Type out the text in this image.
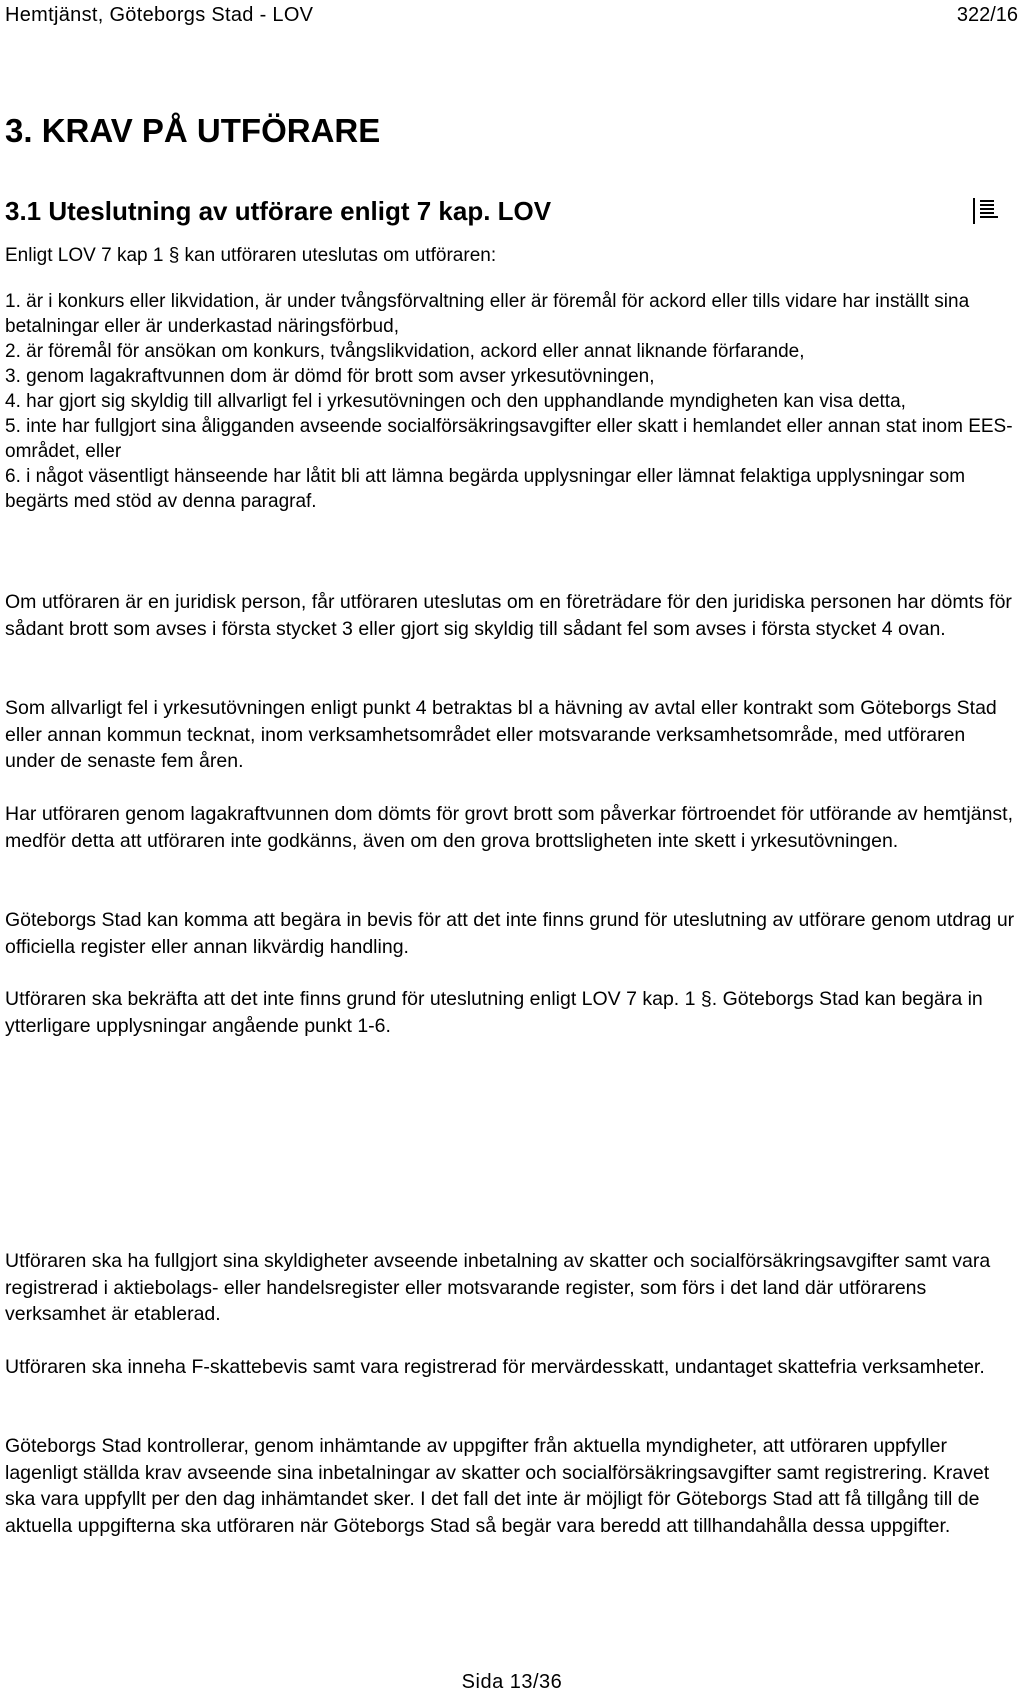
Hemtjänst, Göteborgs Stad - LOV	322/16
3. KRAV PÅ UTFÖRARE
3.1 Uteslutning av utförare enligt 7 kap. LOV
Enligt LOV 7 kap 1 § kan utföraren uteslutas om utföraren:
1. är i konkurs eller likvidation, är under tvångsförvaltning eller är föremål för ackord eller tills vidare har inställt sina betalningar eller är underkastad näringsförbud,
2. är föremål för ansökan om konkurs, tvångslikvidation, ackord eller annat liknande förfarande,
3. genom lagakraftvunnen dom är dömd för brott som avser yrkesutövningen,
4. har gjort sig skyldig till allvarligt fel i yrkesutövningen och den upphandlande myndigheten kan visa detta,
5. inte har fullgjort sina åligganden avseende socialförsäkringsavgifter eller skatt i hemlandet eller annan stat inom EES-området, eller
6. i något väsentligt hänseende har låtit bli att lämna begärda upplysningar eller lämnat felaktiga upplysningar som begärts med stöd av denna paragraf.

Om utföraren är en juridisk person, får utföraren uteslutas om en företrädare för den juridiska personen har dömts för sådant brott som avses i första stycket 3 eller gjort sig skyldig till sådant fel som avses i första stycket 4 ovan.

Som allvarligt fel i yrkesutövningen enligt punkt 4 betraktas bl a hävning av avtal eller kontrakt som Göteborgs Stad eller annan kommun tecknat, inom verksamhetsområdet eller motsvarande verksamhetsområde, med utföraren under de senaste fem åren.

Har utföraren genom lagakraftvunnen dom dömts för grovt brott som påverkar förtroendet för utförande av hemtjänst, medför detta att utföraren inte godkänns, även om den grova brottsligheten inte skett i yrkesutövningen.

Göteborgs Stad kan komma att begära in bevis för att det inte finns grund för uteslutning av utförare genom utdrag ur officiella register eller annan likvärdig handling.

Utföraren ska bekräfta att det inte finns grund för uteslutning enligt LOV 7 kap. 1 §. Göteborgs Stad kan begära in ytterligare upplysningar angående punkt 1-6.

Utföraren ska ha fullgjort sina skyldigheter avseende inbetalning av skatter och socialförsäkringsavgifter samt vara registrerad i aktiebolags- eller handelsregister eller motsvarande register, som förs i det land där utförarens verksamhet är etablerad.

Utföraren ska inneha F-skattebevis samt vara registrerad för mervärdesskatt, undantaget skattefria verksamheter.

Göteborgs Stad kontrollerar, genom inhämtande av uppgifter från aktuella myndigheter, att utföraren uppfyller lagenligt ställda krav avseende sina inbetalningar av skatter och socialförsäkringsavgifter samt registrering. Kravet ska vara uppfyllt per den dag inhämtandet sker. I det fall det inte är möjligt för Göteborgs Stad att få tillgång till de aktuella uppgifterna ska utföraren när Göteborgs Stad så begär vara beredd att tillhandahålla dessa uppgifter.

Sida 13/36
